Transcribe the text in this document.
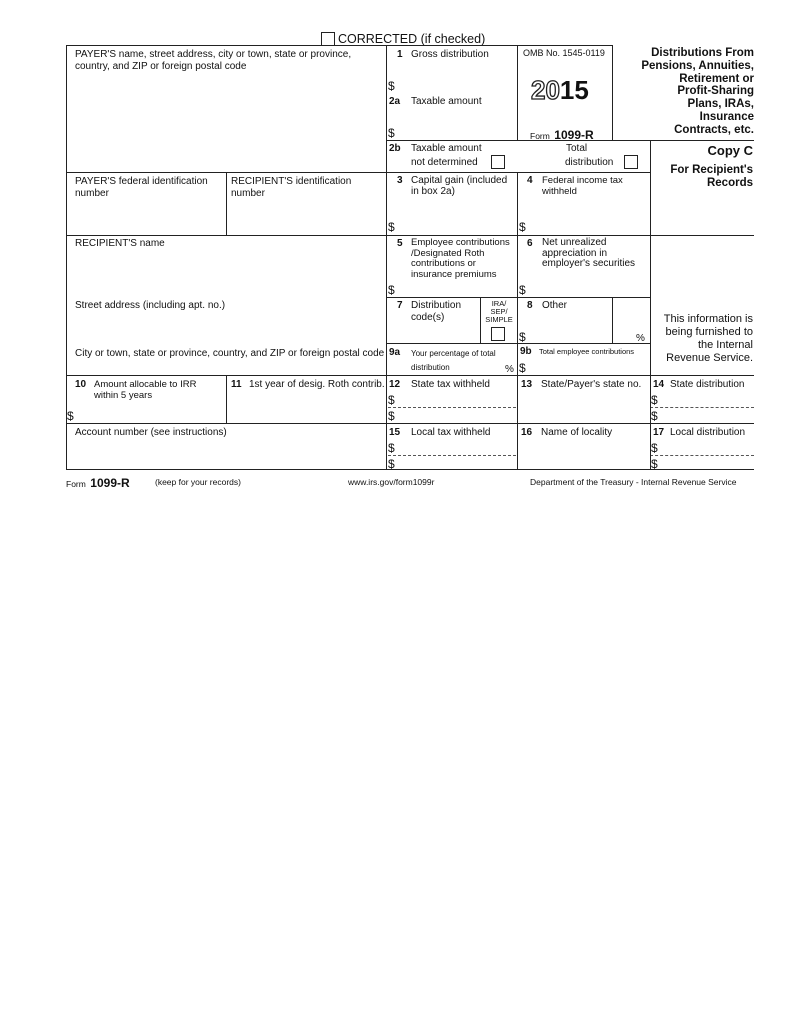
CORRECTED (if checked)
PAYER'S name, street address, city or town, state or province,
country, and ZIP or foreign postal code
1 Gross distribution
$
2a Taxable amount
$
OMB No. 1545-0119
2015
Form 1099-R
Distributions From
Pensions, Annuities,
Retirement or
Profit-Sharing
Plans, IRAs,
Insurance
Contracts, etc.
2b Taxable amount
not determined
Total
distribution
Copy C
For Recipient's
Records
PAYER'S federal identification
number
RECIPIENT'S identification
number
3 Capital gain (included
in box 2a)
$
4 Federal income tax
withheld
$
RECIPIENT'S name	5 Employee contributions
/Designated Roth
contributions or
insurance premiums
$
6 Net unrealized
appreciation in
employer's securities
$
Street address (including apt. no.)	7 Distribution
code(s)
IRA/
SEP/
SIMPLE
8 Other
$	%
This information is
being furnished to
the Internal
Revenue Service.
City or town, state or province, country, and ZIP or foreign postal code 9a Your percentage of total
distribution	%
9b Total employee contributions
$
10 Amount allocable to IRR
within 5 years
$
11 1st year of desig. Roth contrib. 12 State tax withheld
$
$
13 State/Payer's state no. 14 State distribution
$
$
Account number (see instructions)	15 Local tax withheld
$
$
16 Name of locality	17 Local distribution
$
$
Form 1099-R	(keep for your records)	www.irs.gov/form1099r	Department of the Treasury - Internal Revenue Service
